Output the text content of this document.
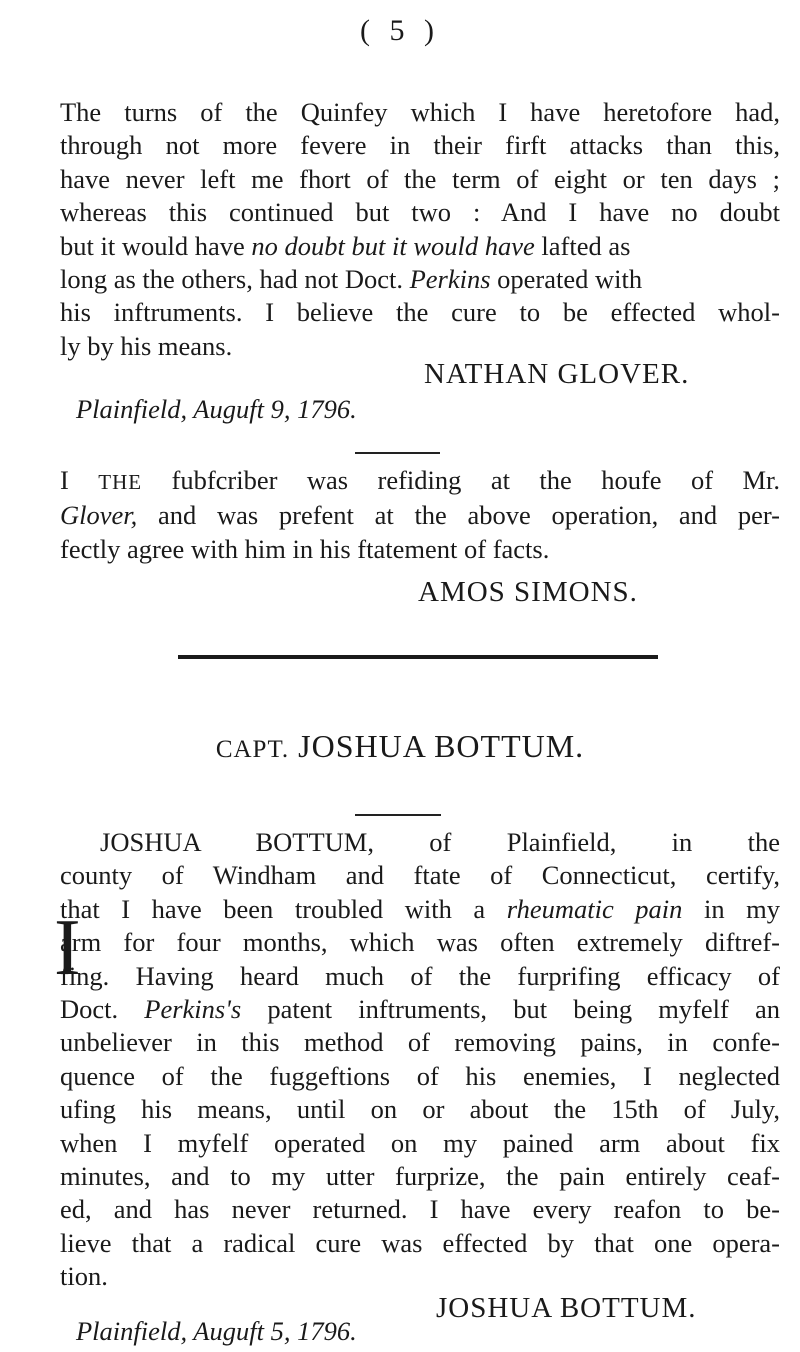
( 5 )
The turns of the Quinfey which I have heretofore had,
through not more fevere in their firft attacks than this,
have never left me fhort of the term of eight or ten days ;
whereas this continued but two : And I have no doubt
but it would have no doubt but it would have lafted as
long as the others, had not Doct. Perkins operated with
his inftruments. I believe the cure to be effected whol-
ly by his means.
NATHAN GLOVER.
Plainfield, Auguft 9, 1796.
I THE fubfcriber was refiding at the houfe of Mr.
Glover, and was prefent at the above operation, and per-
fectly agree with him in his ftatement of facts.
AMOS SIMONS.
CAPT. JOSHUA BOTTUM.
I
JOSHUA BOTTUM, of Plainfield, in the
county of Windham and ftate of Connecticut, certify,
that I have been troubled with a rheumatic pain in my
arm for four months, which was often extremely diftref-
fing. Having heard much of the furprifing efficacy of
Doct. Perkins's patent inftruments, but being myfelf an
unbeliever in this method of removing pains, in confe-
quence of the fuggeftions of his enemies, I neglected
ufing his means, until on or about the 15th of July,
when I myfelf operated on my pained arm about fix
minutes, and to my utter furprize, the pain entirely ceaf-
ed, and has never returned. I have every reafon to be-
lieve that a radical cure was effected by that one opera-
tion.
JOSHUA BOTTUM.
Plainfield, Auguft 5, 1796.
